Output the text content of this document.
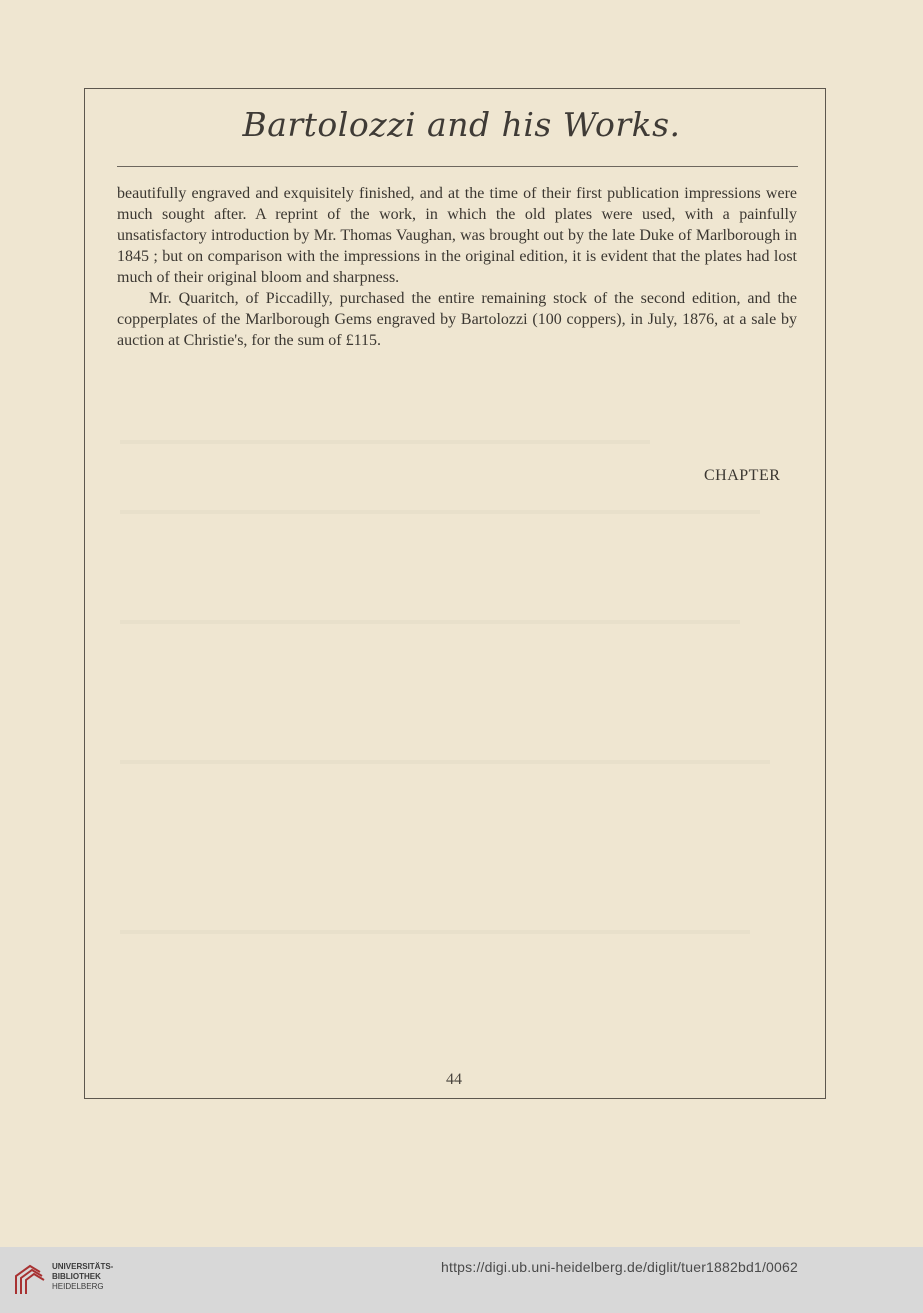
Bartolozzi and his Works.

beautifully engraved and exquisitely finished, and at the time of their first publication impressions were much sought after. A reprint of the work, in which the old plates were used, with a painfully unsatisfactory introduction by Mr. Thomas Vaughan, was brought out by the late Duke of Marlborough in 1845 ; but on comparison with the impressions in the original edition, it is evident that the plates had lost much of their original bloom and sharpness.

Mr. Quaritch, of Piccadilly, purchased the entire remaining stock of the second edition, and the copperplates of the Marlborough Gems engraved by Bartolozzi (100 coppers), in July, 1876, at a sale by auction at Christie's, for the sum of £115.

CHAPTER
44
UNIVERSITÄTS-
BIBLIOTHEK
HEIDELBERG
https://digi.ub.uni-heidelberg.de/diglit/tuer1882bd1/0062
